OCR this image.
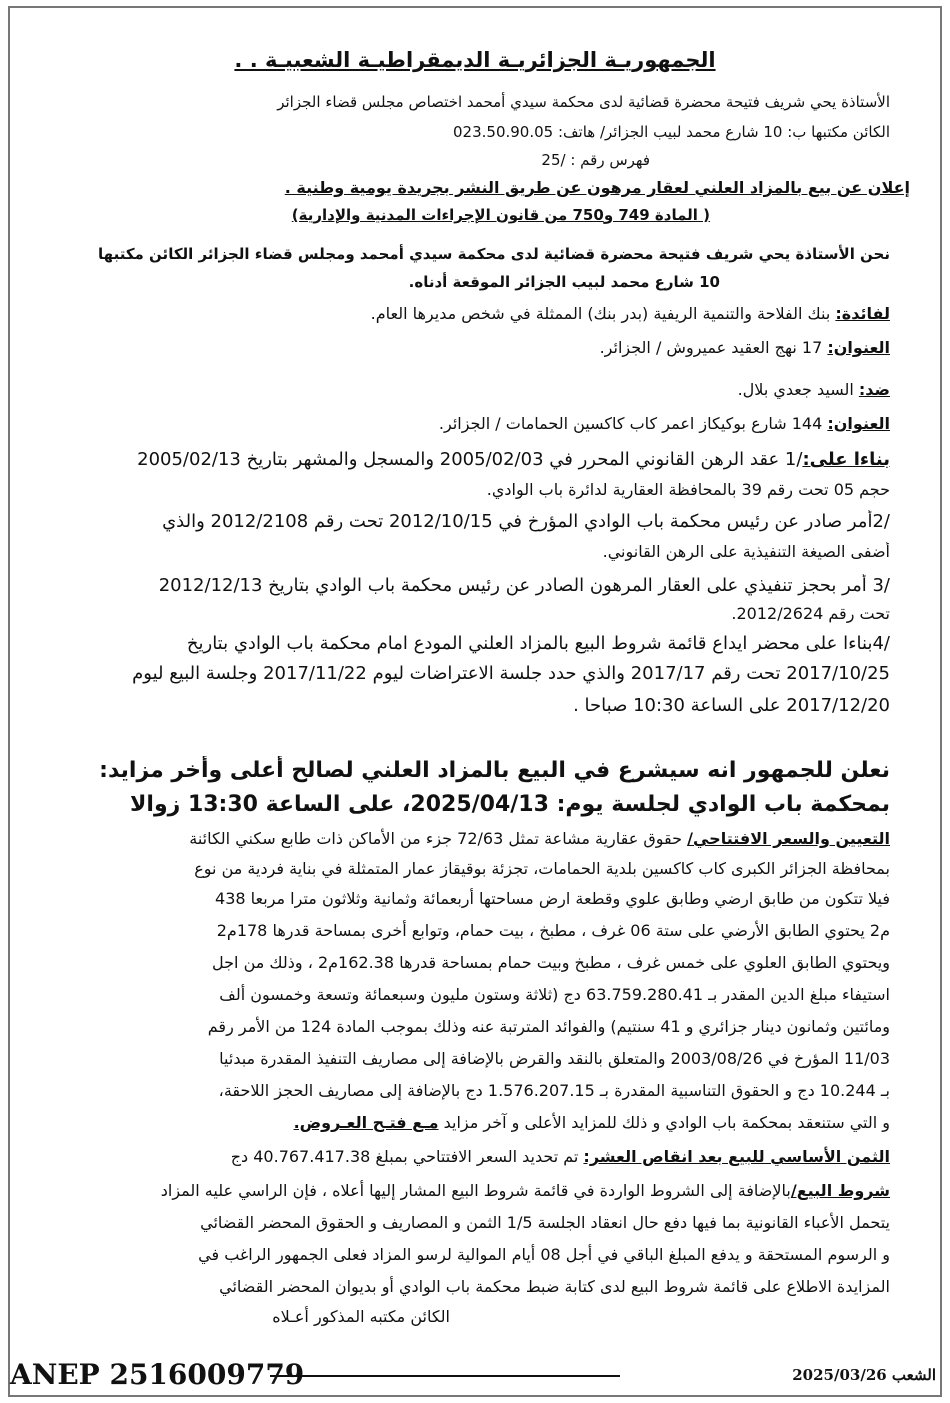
الجمهوريـة الجزائريـة الديمقراطيـة الشعبيـة . .
الأستاذة يحي شريف فتيحة محضرة قضائية لدى محكمة سيدي أمحمد اختصاص مجلس قضاء الجزائر
الكائن مكتبها ب: 10 شارع محمد لبيب الجزائر/ هاتف: 023.50.90.05
فهرس رقم : /25
إعلان عن بيع بالمزاد العلني لعقار مرهون عن طريق النشر بجريدة يومية وطنية .
( المادة 749 و750 من قانون الإجراءات المدنية والإدارية)
نحن الأستاذة يحي شريف فتيحة محضرة قضائية لدى محكمة سيدي أمحمد ومجلس قضاء الجزائر الكائن مكتبها
10 شارع محمد لبيب الجزائر الموقعة أدناه.
لفائدة: بنك الفلاحة والتنمية الريفية (بدر بنك) الممثلة في شخص مديرها العام.
العنوان: 17 نهج العقيد عميروش / الجزائر.
ضد: السيد جعدي بلال.
العنوان: 144 شارع بوكيكاز اعمر كاب كاكسين الحمامات / الجزائر.
بناءا على:/1 عقد الرهن القانوني المحرر في 2005/02/03 والمسجل والمشهر بتاريخ 2005/02/13
حجم 05 تحت رقم 39 بالمحافظة العقارية لدائرة باب الوادي.
/2أمر صادر عن رئيس محكمة باب الوادي المؤرخ في 2012/10/15 تحت رقم 2012/2108 والذي
أضفى الصيغة التنفيذية على الرهن القانوني.
/3 أمر بحجز تنفيذي على العقار المرهون الصادر عن رئيس محكمة باب الوادي بتاريخ 2012/12/13
تحت رقم 2012/2624.
/4بناءا على محضر ايداع قائمة شروط البيع بالمزاد العلني المودع امام محكمة باب الوادي بتاريخ
2017/10/25 تحت رقم 2017/17 والذي حدد جلسة الاعتراضات ليوم 2017/11/22 وجلسة البيع ليوم
2017/12/20 على الساعة 10:30 صباحا .
نعلن للجمهور انه سيشرع في البيع بالمزاد العلني لصالح أعلى وأخر مزايد:
بمحكمة باب الوادي لجلسة يوم: 2025/04/13، على الساعة 13:30 زوالا
التعيين والسعر الافتتاحي/ حقوق عقارية مشاعة تمثل 72/63 جزء من الأماكن ذات طابع سكني الكائنة
بمحافظة الجزائر الكبرى كاب كاكسين بلدية الحمامات، تجزئة بوقيقاز عمار المتمثلة في بناية فردية من نوع
فيلا تتكون من طابق ارضي وطابق علوي وقطعة ارض مساحتها أربعمائة وثمانية وثلاثون مترا مربعا 438
م2 يحتوي الطابق الأرضي على ستة 06 غرف ، مطبخ ، بيت حمام، وتوابع أخرى بمساحة قدرها 178م2
ويحتوي الطابق العلوي على خمس غرف ، مطبخ وبيت حمام بمساحة قدرها 162.38م2 ، وذلك من اجل
استيفاء مبلغ الدين المقدر بـ 63.759.280.41 دج (ثلاثة وستون مليون وسبعمائة وتسعة وخمسون ألف
ومائتين وثمانون دينار جزائري و 41 سنتيم) والفوائد المترتبة عنه وذلك بموجب المادة 124 من الأمر رقم
11/03 المؤرخ في 2003/08/26 والمتعلق بالنقد والقرض بالإضافة إلى مصاريف التنفيذ المقدرة مبدئيا
بـ 10.244 دج و الحقوق التناسبية المقدرة بـ 1.576.207.15 دج بالإضافة إلى مصاريف الحجز اللاحقة،
و التي ستنعقد بمحكمة باب الوادي و ذلك للمزايد الأعلى و آخر مزايد مـع فتـح العـروض.
الثمن الأساسي للبيع بعد انقاص العشر: تم تحديد السعر الافتتاحي بمبلغ 40.767.417.38 دج
شروط البيع/بالإضافة إلى الشروط الواردة في قائمة شروط البيع المشار إليها أعلاه ، فإن الراسي عليه المزاد
يتحمل الأعباء القانونية بما فيها دفع حال انعقاد الجلسة 1/5 الثمن و المصاريف و الحقوق المحضر القضائي
و الرسوم المستحقة و يدفع المبلغ الباقي في أجل 08 أيام الموالية لرسو المزاد فعلى الجمهور الراغب في
المزايدة الاطلاع على قائمة شروط البيع لدى كتابة ضبط محكمة باب الوادي أو بديوان المحضر القضائي
الكائن مكتبه المذكور أعـلاه
ANEP 2516009779	الشعب 2025/03/26
